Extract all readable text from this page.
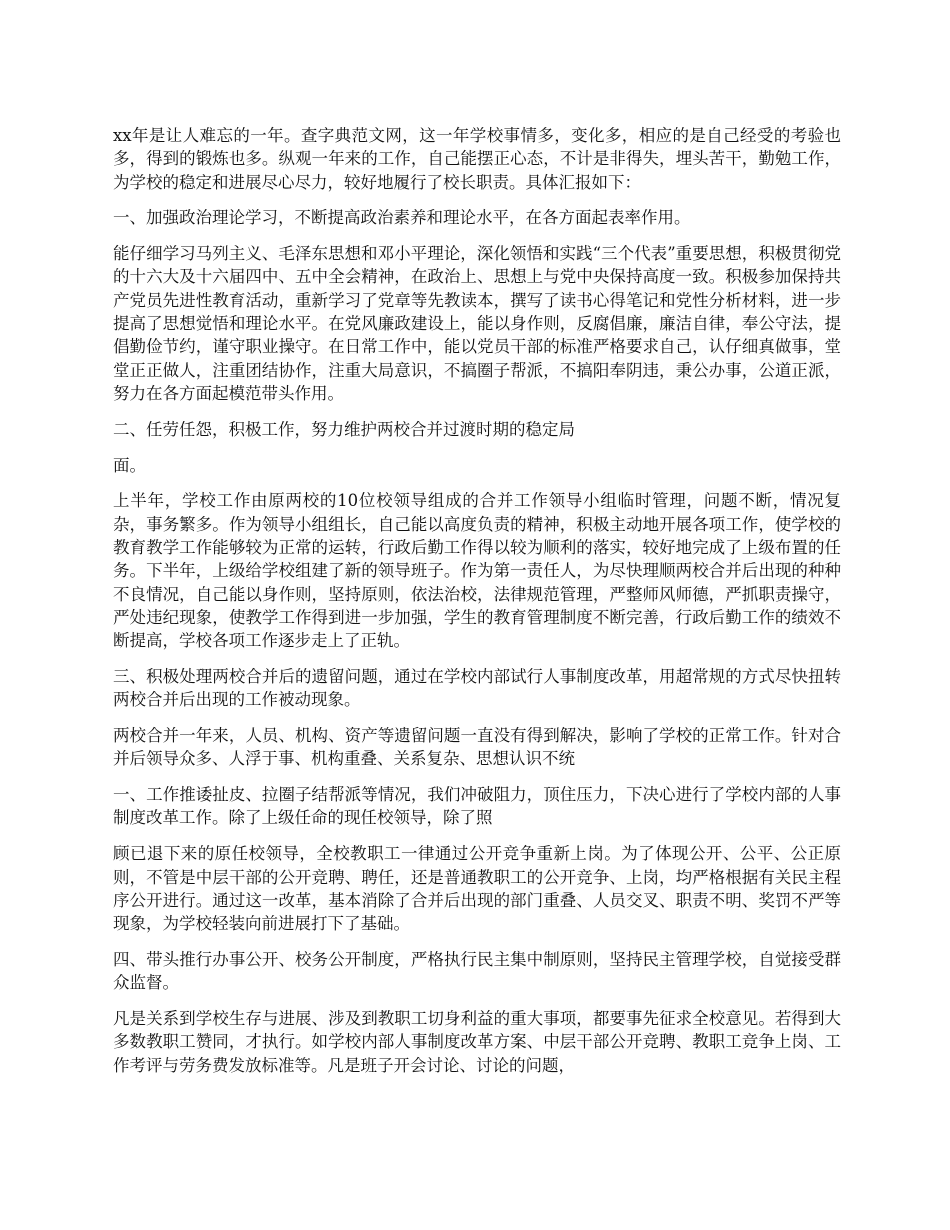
xx年是让人难忘的一年。查字典范文网，这一年学校事情多，变化多，相应的是自己经受的考验也多，得到的锻炼也多。纵观一年来的工作，自己能摆正心态，不计是非得失，埋头苦干，勤勉工作，为学校的稳定和进展尽心尽力，较好地履行了校长职责。具体汇报如下：

一、加强政治理论学习，不断提高政治素养和理论水平，在各方面起表率作用。

能仔细学习马列主义、毛泽东思想和邓小平理论，深化领悟和实践“三个代表”重要思想，积极贯彻党的十六大及十六届四中、五中全会精神，在政治上、思想上与党中央保持高度一致。积极参加保持共产党员先进性教育活动，重新学习了党章等先教读本，撰写了读书心得笔记和党性分析材料，进一步提高了思想觉悟和理论水平。在党风廉政建设上，能以身作则，反腐倡廉，廉洁自律，奉公守法，提倡勤俭节约，谨守职业操守。在日常工作中，能以党员干部的标准严格要求自己，认仔细真做事，堂堂正正做人，注重团结协作，注重大局意识，不搞圈子帮派，不搞阳奉阴违，秉公办事，公道正派，努力在各方面起模范带头作用。

二、任劳任怨，积极工作，努力维护两校合并过渡时期的稳定局

面。

上半年，学校工作由原两校的10位校领导组成的合并工作领导小组临时管理，问题不断，情况复杂，事务繁多。作为领导小组组长，自己能以高度负责的精神，积极主动地开展各项工作，使学校的教育教学工作能够较为正常的运转，行政后勤工作得以较为顺利的落实，较好地完成了上级布置的任务。下半年，上级给学校组建了新的领导班子。作为第一责任人，为尽快理顺两校合并后出现的种种不良情况，自己能以身作则，坚持原则，依法治校，法律规范管理，严整师风师德，严抓职责操守，严处违纪现象，使教学工作得到进一步加强，学生的教育管理制度不断完善，行政后勤工作的绩效不断提高，学校各项工作逐步走上了正轨。

三、积极处理两校合并后的遗留问题，通过在学校内部试行人事制度改革，用超常规的方式尽快扭转两校合并后出现的工作被动现象。

两校合并一年来，人员、机构、资产等遗留问题一直没有得到解决，影响了学校的正常工作。针对合并后领导众多、人浮于事、机构重叠、关系复杂、思想认识不统

一、工作推诿扯皮、拉圈子结帮派等情况，我们冲破阻力，顶住压力，下决心进行了学校内部的人事制度改革工作。除了上级任命的现任校领导，除了照

顾已退下来的原任校领导，全校教职工一律通过公开竞争重新上岗。为了体现公开、公平、公正原则，不管是中层干部的公开竞聘、聘任，还是普通教职工的公开竞争、上岗，均严格根据有关民主程序公开进行。通过这一改革，基本消除了合并后出现的部门重叠、人员交叉、职责不明、奖罚不严等现象，为学校轻装向前进展打下了基础。

四、带头推行办事公开、校务公开制度，严格执行民主集中制原则，坚持民主管理学校，自觉接受群众监督。

凡是关系到学校生存与进展、涉及到教职工切身利益的重大事项，都要事先征求全校意见。若得到大多数教职工赞同，才执行。如学校内部人事制度改革方案、中层干部公开竞聘、教职工竞争上岗、工作考评与劳务费发放标准等。凡是班子开会讨论、讨论的问题，
